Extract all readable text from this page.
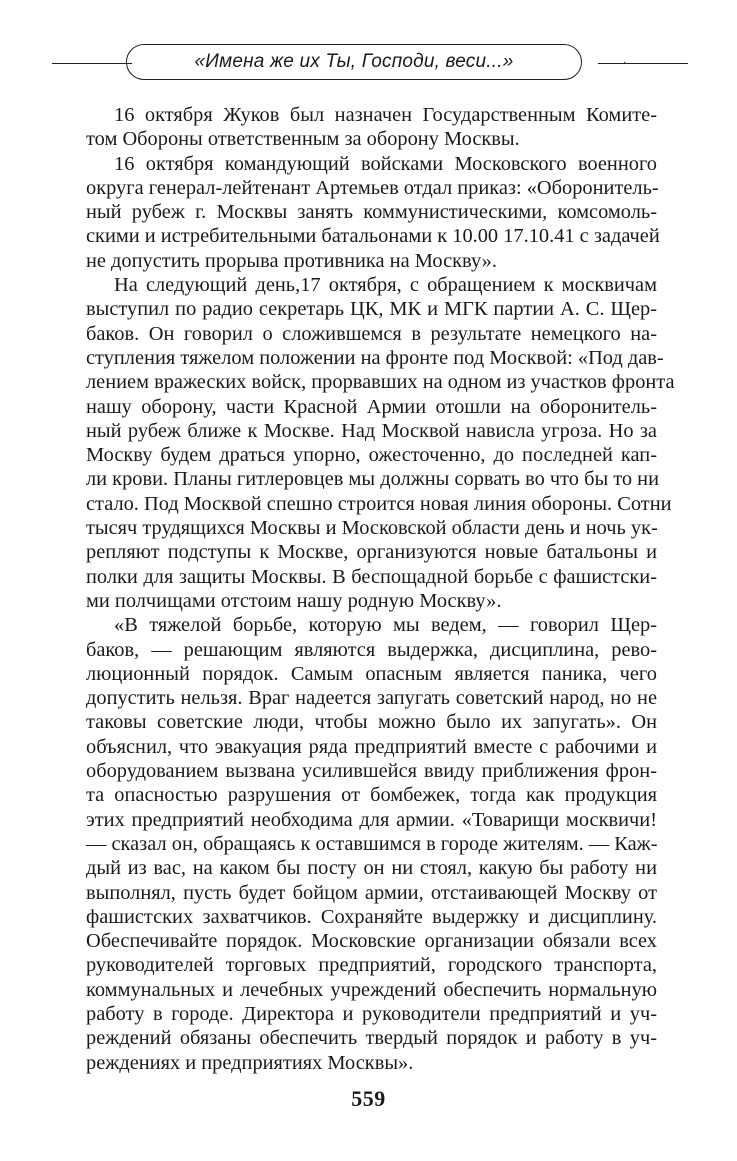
«Имена же их Ты, Господи, веси...»	.

16 октября Жуков был назначен Государственным Комите-
том Обороны ответственным за оборону Москвы.

16 октября командующий войсками Московского военного
округа генерал-лейтенант Артемьев отдал приказ: «Оборонитель-
ный рубеж г. Москвы занять коммунистическими, комсомоль-
скими и истребительными батальонами к 10.00 17.10.41 с задачей
не допустить прорыва противника на Москву».

На следующий день,17 октября, с обращением к москвичам
выступил по радио секретарь ЦК, МК и МГК партии А. С. Щер-
баков. Он говорил о сложившемся в результате немецкого на-
ступления тяжелом положении на фронте под Москвой: «Под дав-
лением вражеских войск, прорвавших на одном из участков фронта
нашу оборону, части Красной Армии отошли на оборонитель-
ный рубеж ближе к Москве. Над Москвой нависла угроза. Но за
Москву будем драться упорно, ожесточенно, до последней кап-
ли крови. Планы гитлеровцев мы должны сорвать во что бы то ни
стало. Под Москвой спешно строится новая линия обороны. Сотни
тысяч трудящихся Москвы и Московской области день и ночь ук-
репляют подступы к Москве, организуются новые батальоны и
полки для защиты Москвы. В беспощадной борьбе с фашистски-
ми полчищами отстоим нашу родную Москву».

«В тяжелой борьбе, которую мы ведем, — говорил Щер-
баков, — решающим являются выдержка, дисциплина, рево-
люционный порядок. Самым опасным является паника, чего
допустить нельзя. Враг надеется запугать советский народ, но не
таковы советские люди, чтобы можно было их запугать». Он
объяснил, что эвакуация ряда предприятий вместе с рабочими и
оборудованием вызвана усилившейся ввиду приближения фрон-
та опасностью разрушения от бомбежек, тогда как продукция
этих предприятий необходима для армии. «Товарищи москвичи!
— сказал он, обращаясь к оставшимся в городе жителям. — Каж-
дый из вас, на каком бы посту он ни стоял, какую бы работу ни
выполнял, пусть будет бойцом армии, отстаивающей Москву от
фашистских захватчиков. Сохраняйте выдержку и дисциплину.
Обеспечивайте порядок. Московские организации обязали всех
руководителей торговых предприятий, городского транспорта,
коммунальных и лечебных учреждений обеспечить нормальную
работу в городе. Директора и руководители предприятий и уч-
реждений обязаны обеспечить твердый порядок и работу в уч-
реждениях и предприятиях Москвы».

559
